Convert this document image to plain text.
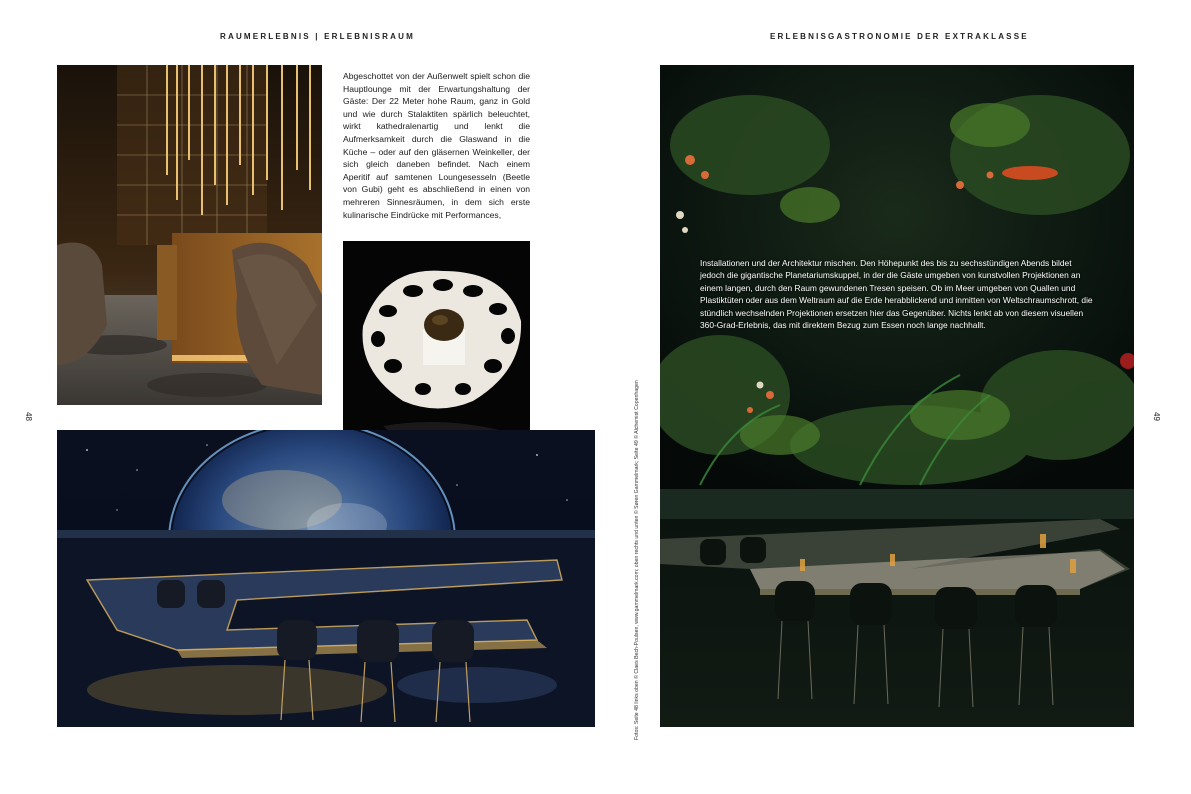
RAUMERLEBNIS | ERLEBNISRAUM
48
Abgeschottet von der Außenwelt spielt schon die Hauptlounge mit der Erwartungshaltung der Gäste: Der 22 Meter hohe Raum, ganz in Gold und wie durch Stalaktiten spärlich beleuchtet, wirkt kathedralenartig und lenkt die Aufmerksamkeit durch die Glaswand in die Küche – oder auf den gläsernen Weinkeller, der sich gleich daneben befindet. Nach einem Aperitif auf samtenen Loungesesseln (Beetle von Gubi) geht es abschließend in einen von mehreren Sinnesräumen, in dem sich erste kulinarische Eindrücke mit Performances,
Fotos: Seite 48 links oben © Claes Bech-Poulsen, www.gammelmark.com; oben rechts und unten © Søren Gammelmark; Seite 49 © Alchemist Copenhagen
ERLEBNISGASTRONOMIE DER EXTRAKLASSE
49
Installationen und der Architektur mischen. Den Höhepunkt des bis zu sechsstündigen Abends bildet jedoch die gigantische Planetariumskuppel, in der die Gäste umgeben von kunstvollen Projektionen an einem langen, durch den Raum gewundenen Tresen speisen. Ob im Meer umgeben von Quallen und Plastiktüten oder aus dem Weltraum auf die Erde herabblickend und inmitten von Weltschraumschrott, die stündlich wechselnden Projektionen ersetzen hier das Gegenüber. Nichts lenkt ab von diesem visuellen 360-Grad-Erlebnis, das mit direktem Bezug zum Essen noch lange nachhallt.
